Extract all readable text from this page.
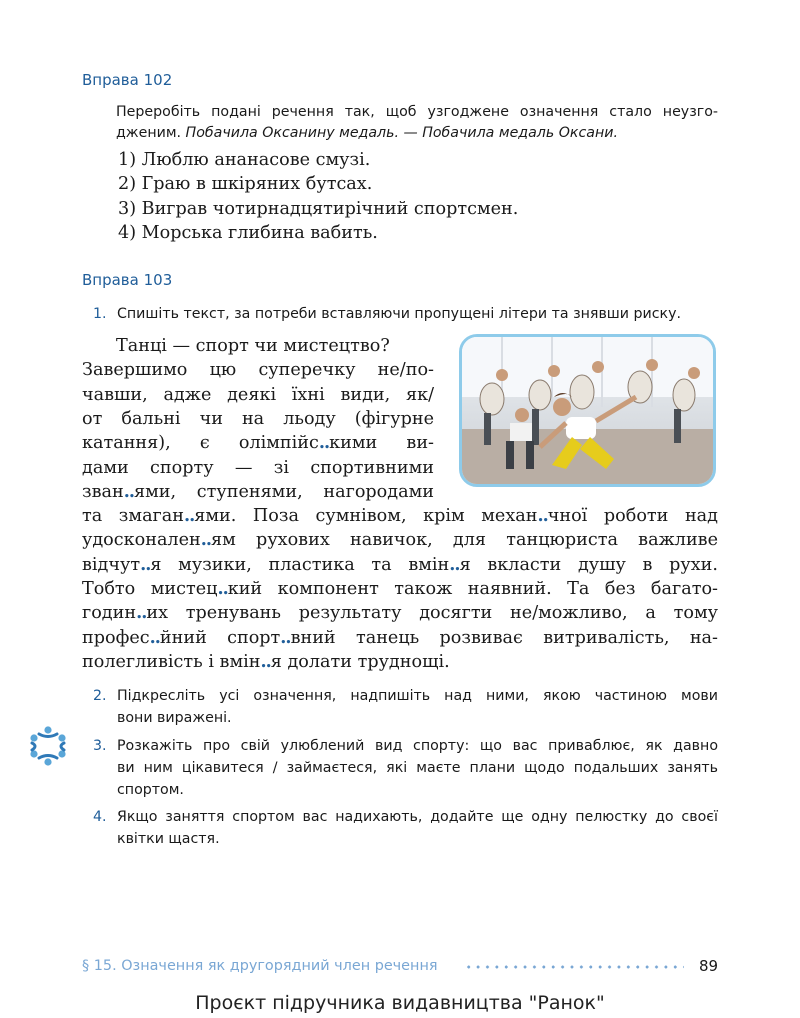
Вправа 102
Переробіть подані речення так, щоб узгоджене означення стало неузго-
дженим. Побачила Оксанину медаль. — Побачила медаль Оксани.
1) Люблю ананасове смузі.
2) Граю в шкіряних бутсах.
3) Виграв чотирнадцятирічний спортсмен.
4) Морська глибина вабить.
Вправа 103
1. Спишіть текст, за потреби вставляючи пропущені літери та знявши риску.
Танці — спорт чи мистецтво?
Завершимо цю суперечку не/по-
чавши, адже деякі їхні види, як/
от бальні чи на льоду (фігурне
катання), є олімпійс..кими ви-
дами спорту — зі спортивними
зван..ями, ступенями, нагородами
та змаган..ями. Поза сумнівом, крім механ..чної роботи над
удосконален..ям рухових навичок, для танцюриста важливе
відчут..я музики, пластика та вмін..я вкласти душу в рухи.
Тобто мистец..кий компонент також наявний. Та без багато-
годин..их тренувань результату досягти не/можливо, а тому
профес..йний спорт..вний танець розвиває витривалість, на-
полегливість і вмін..я долати труднощі.
2. Підкресліть усі означення, надпишіть над ними, якою частиною мови
вони виражені.
3. Розкажіть про свій улюблений вид спорту: що вас приваблює, як давно
ви ним цікавитеся / займаєтеся, які маєте плани щодо подальших занять
спортом.
4. Якщо заняття спортом вас надихають, додайте ще одну пелюстку до своєї
квітки щастя.
§ 15. Означення як другорядний член речення	89
Проєкт підручника видавництва "Ранок"
